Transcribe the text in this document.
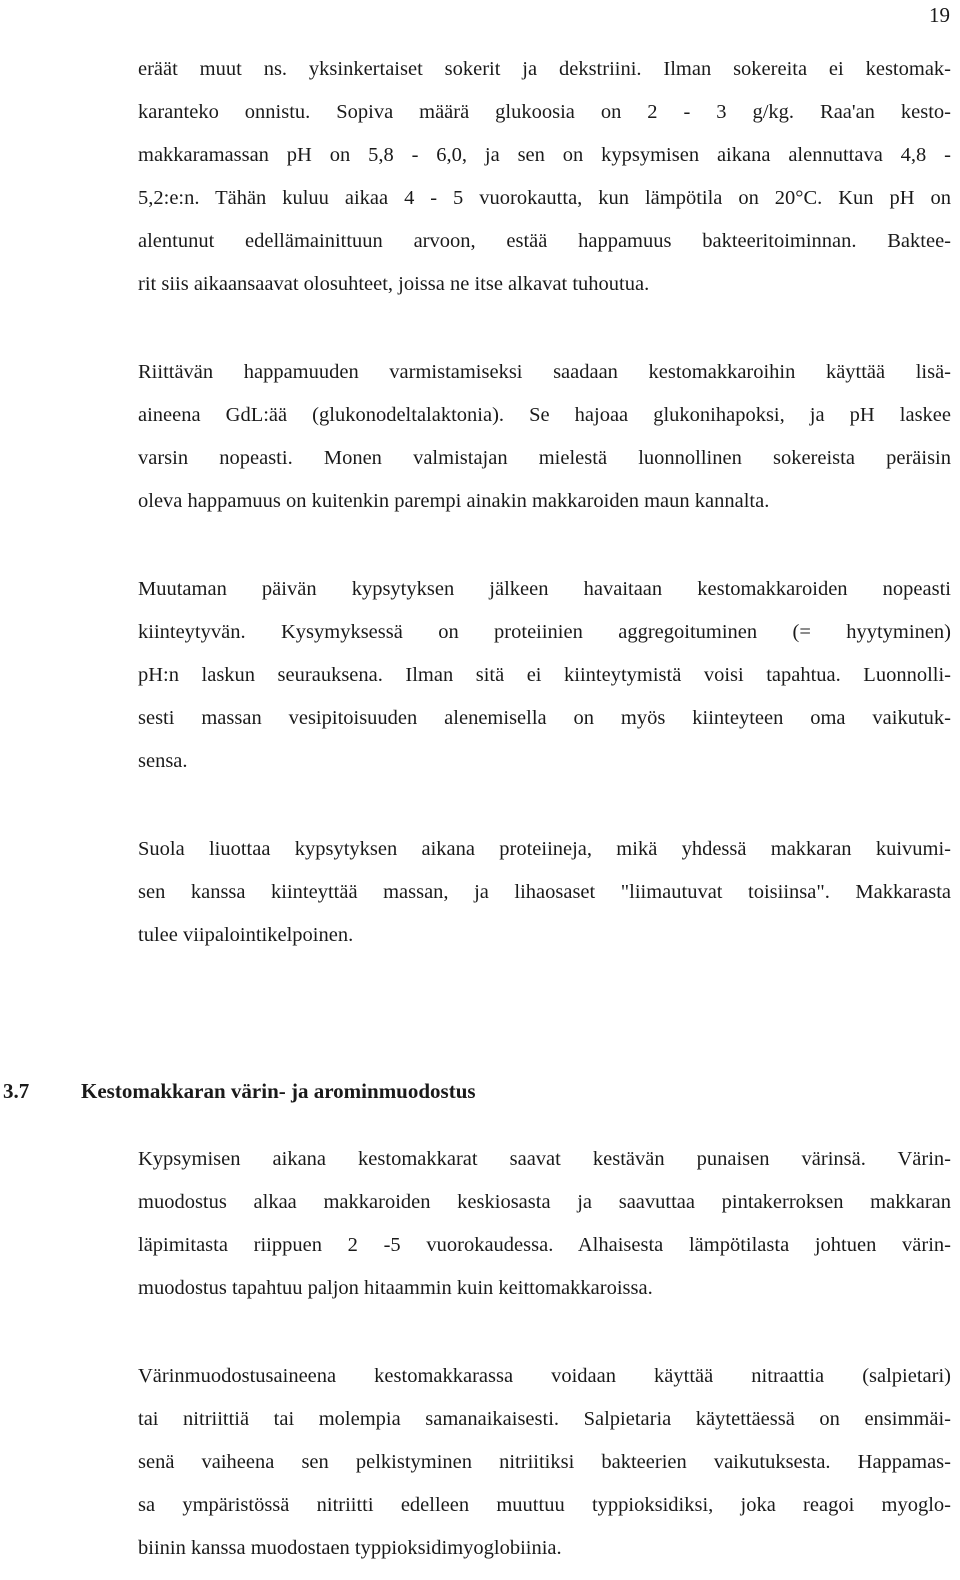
19
eräät muut ns. yksinkertaiset sokerit ja dekstriini. Ilman sokereita ei kestomak-
karanteko onnistu. Sopiva määrä glukoosia on 2 - 3 g/kg. Raa'an kesto-
makkaramassan pH on 5,8 - 6,0, ja sen on kypsymisen aikana alennuttava 4,8 -
5,2:e:n. Tähän kuluu aikaa 4 - 5 vuorokautta, kun lämpötila on 20°C. Kun pH on
alentunut edellämainittuun arvoon, estää happamuus bakteeritoiminnan. Baktee-
rit siis aikaansaavat olosuhteet, joissa ne itse alkavat tuhoutua.
Riittävän happamuuden varmistamiseksi saadaan kestomakkaroihin käyttää lisä-
aineena GdL:ää (glukonodeltalaktonia). Se hajoaa glukonihapoksi, ja pH laskee
varsin nopeasti. Monen valmistajan mielestä luonnollinen sokereista peräisin
oleva happamuus on kuitenkin parempi ainakin makkaroiden maun kannalta.
Muutaman päivän kypsytyksen jälkeen havaitaan kestomakkaroiden nopeasti
kiinteytyvän. Kysymyksessä on proteiinien aggregoituminen (= hyytyminen)
pH:n laskun seurauksena. Ilman sitä ei kiinteytymistä voisi tapahtua. Luonnolli-
sesti massan vesipitoisuuden alenemisella on myös kiinteyteen oma vaikutuk-
sensa.
Suola liuottaa kypsytyksen aikana proteiineja, mikä yhdessä makkaran kuivumi-
sen kanssa kiinteyttää massan, ja lihaosaset "liimautuvat toisiinsa". Makkarasta
tulee viipalointikelpoinen.
3.7 Kestomakkaran värin- ja arominmuodostus
Kypsymisen aikana kestomakkarat saavat kestävän punaisen värinsä. Värin-
muodostus alkaa makkaroiden keskiosasta ja saavuttaa pintakerroksen makkaran
läpimitasta riippuen 2 -5 vuorokaudessa. Alhaisesta lämpötilasta johtuen värin-
muodostus tapahtuu paljon hitaammin kuin keittomakkaroissa.
Värinmuodostusaineena kestomakkarassa voidaan käyttää nitraattia (salpietari)
tai nitriittiä tai molempia samanaikaisesti. Salpietaria käytettäessä on ensimmäi-
senä vaiheena sen pelkistyminen nitriitiksi bakteerien vaikutuksesta. Happamas-
sa ympäristössä nitriitti edelleen muuttuu typpioksidiksi, joka reagoi myoglo-
biinin kanssa muodostaen typpioksidimyoglobiinia.
